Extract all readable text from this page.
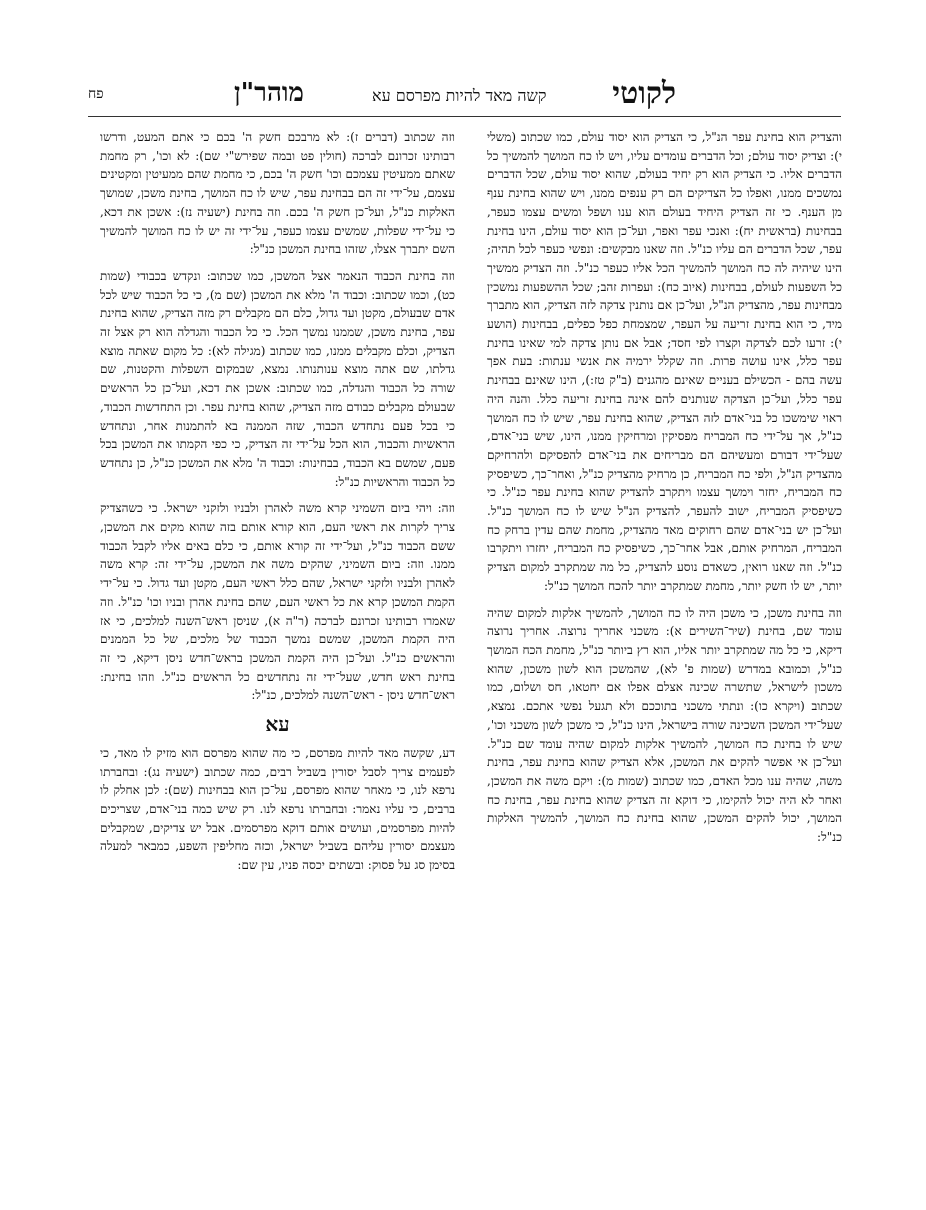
לקוטי
קשה מאד להיות מפרסם עא
מוהר"ן
פח

והצדיק הוא בחינת עפר הנ"ל, כי הצדיק הוא יסוד עולם, כמו שכתוב (משלי י): וצדיק יסוד עולם; וכל הדברים עומדים עליו, ויש לו כח המושך להמשיך כל הדברים אליו. כי הצדיק הוא רק יחיד בעולם, שהוא יסוד עולם, שכל הדברים נמשכים ממנו, ואפלו כל הצדיקים הם רק ענפים ממנו, ויש שהוא בחינת ענף מן הענף. כי זה הצדיק היחיד בעולם הוא ענו ושפל ומשים עצמו כעפר, בבחינות (בראשית יח): ואנכי עפר ואפר, ועל־כן הוא יסוד עולם, הינו בחינת עפר, שכל הדברים הם עליו כנ"ל. וזה שאנו מבקשים: ונפשי כעפר לכל תהיה; הינו שיהיה לה כח המושך להמשיך הכל אליו כעפר כנ"ל. וזה הצדיק ממשיך כל השפעות לעולם, בבחינות (איוב כח): ועפרות זהב; שכל ההשפעות נמשכין מבחינות עפר, מהצדיק הנ"ל, ועל־כן אם נותנין צדקה לזה הצדיק, הוא מתברך מיד, כי הוא בחינת זריעה על העפר, שמצמחת כפל כפלים, בבחינות (הושע י): זרעו לכם לצדקה וקצרו לפי חסד; אבל אם נותן צדקה למי שאינו בחינת עפר כלל, אינו עושה פרות. וזה שקלל ירמיה את אנשי ענתות: בעת אפך עשה בהם - הכשילם בעניים שאינם מהגנים (ב"ק טז:), הינו שאינם בבחינת עפר כלל, ועל־כן הצדקה שנותנים להם אינה בחינת זריעה כלל. והנה היה ראוי שימשכו כל בני־אדם לזה הצדיק, שהוא בחינת עפר, שיש לו כח המושך כנ"ל, אך על־ידי כח המבריח מפסיקין ומרחיקין ממנו, הינו, שיש בני־אדם, שעל־ידי דבורם ומעשיהם הם מבריחים את בני־אדם להפסיקם ולהרחיקם מהצדיק הנ"ל, ולפי כח המבריח, כן מרחיק מהצדיק כנ"ל, ואחר־כך, כשיפסיק כח המבריח, יחזר וימשך עצמו ויתקרב להצדיק שהוא בחינת עפר כנ"ל. כי כשיפסיק המבריח, ישוב להעפר, להצדיק הנ"ל שיש לו כח המושך כנ"ל. ועל־כן יש בני־אדם שהם רחוקים מאד מהצדיק, מחמת שהם עדין ברחק כח המבריח, המרחיק אותם, אבל אחר־כך, כשיפסיק כח המבריח, יחזרו ויתקרבו כנ"ל. וזה שאנו רואין, כשאדם נוסע להצדיק, כל מה שמתקרב למקום הצדיק יותר, יש לו חשק יותר, מחמת שמתקרב יותר להכח המושך כנ"ל:

וזה בחינת משכן, כי משכן היה לו כח המושך, להמשיך אלקות למקום שהיה עומד שם, בחינת (שיר־השירים א): משכני אחריך נרוצה. אחריך נרוצה דיקא, כי כל מה שמתקרב יותר אליו, הוא רץ ביותר כנ"ל, מחמת הכח המושך כנ"ל, וכמובא במדרש (שמות פ' לא), שהמשכן הוא לשון משכון, שהוא משכון לישראל, שתשרה שכינה אצלם אפלו אם יחטאו, חס ושלום, כמו שכתוב (ויקרא כו): ונתתי משכני בתוככם ולא תגעל נפשי אתכם. נמצא, שעל־ידי המשכן השכינה שורה בישראל, הינו כנ"ל, כי משכן לשון משכני וכו', שיש לו בחינת כח המושך, להמשיך אלקות למקום שהיה עומד שם כנ"ל. ועל־כן אי אפשר להקים את המשכן, אלא הצדיק שהוא בחינת עפר, בחינת משה, שהיה ענו מכל האדם, כמו שכתוב (שמות מ): ויקם משה את המשכן, ואחר לא היה יכול להקימו, כי דוקא זה הצדיק שהוא בחינת עפר, בחינת כח המושך, יכול להקים המשכן, שהוא בחינת כח המושך, להמשיך האלקות כנ"ל:

וזה שכתוב (דברים ז): לא מרבכם חשק ה' בכם כי אתם המעט, ודרשו רבותינו זכרונם לברכה (חולין פט ובמה שפירש"י שם): לא וכו', רק מחמת שאתם ממעיטין עצמכם וכו' חשק ה' בכם, כי מחמת שהם ממעיטין ומקטינים עצמם, על־ידי זה הם בבחינת עפר, שיש לו כח המושך, בחינת משכן, שמושך האלקות כנ"ל, ועל־כן חשק ה' בכם. וזה בחינת (ישעיה נז): אשכן את דכא, כי על־ידי שפלות, שמשים עצמו כעפר, על־ידי זה יש לו כח המושך להמשיך השם יתברך אצלו, שזהו בחינת המשכן כנ"ל:

וזה בחינת הכבוד הנאמר אצל המשכן, כמו שכתוב: ונקדש בכבודי (שמות כט), וכמו שכתוב: וכבוד ה' מלא את המשכן (שם מ), כי כל הכבוד שיש לכל אדם שבעולם, מקטן ועד גדול, כלם הם מקבלים רק מזה הצדיק, שהוא בחינת עפר, בחינת משכן, שממנו נמשך הכל. כי כל הכבוד והגדלה הוא רק אצל זה הצדיק, וכלם מקבלים ממנו, כמו שכתוב (מגילה לא): כל מקום שאתה מוצא גדלתו, שם אתה מוצא ענותנותו. נמצא, שבמקום השפלות והקטנות, שם שורה כל הכבוד והגדלה, כמו שכתוב: אשכן את דכא, ועל־כן כל הראשים שבעולם מקבלים כבודם מזה הצדיק, שהוא בחינת עפר. וכן התחדשות הכבוד, כי בכל פעם נתחדש הכבוד, שזה הממנה בא להתמנות אחר, ונתחדש הראשיות והכבוד, הוא הכל על־ידי זה הצדיק, כי כפי הקמתו את המשכן בכל פעם, שמשם בא הכבוד, בבחינות: וכבוד ה' מלא את המשכן כנ"ל, כן נתחדש כל הכבוד והראשיות כנ"ל:

וזה: ויהי ביום השמיני קרא משה לאהרן ולבניו ולזקני ישראל. כי כשהצדיק צריך לקרות את ראשי העם, הוא קורא אותם בזה שהוא מקים את המשכן, ששם הכבוד כנ"ל, ועל־ידי זה קורא אותם, כי כלם באים אליו לקבל הכבוד ממנו. וזה: ביום השמיני, שהקים משה את המשכן, על־ידי זה: קרא משה לאהרן ולבניו ולזקני ישראל, שהם כלל ראשי העם, מקטן ועד גדול. כי על־ידי הקמת המשכן קרא את כל ראשי העם, שהם בחינת אהרן ובניו וכו' כנ"ל. וזה שאמרו רבותינו זכרונם לברכה (ר"ה א), שניסן ראש־השנה למלכים, כי אז היה הקמת המשכן, שמשם נמשך הכבוד של מלכים, של כל הממנים והראשים כנ"ל. ועל־כן היה הקמת המשכן בראש־חדש ניסן דיקא, כי זה בחינת ראש חדש, שעל־ידי זה נתחדשים כל הראשים כנ"ל. וזהו בחינת: ראש־חדש ניסן - ראש־השנה למלכים, כנ"ל:

עא

דע, שקשה מאד להיות מפרסם, כי מה שהוא מפרסם הוא מזיק לו מאד, כי לפעמים צריך לסבל יסורין בשביל רבים, כמה שכתוב (ישעיה נג): ובחברתו נרפא לנו, כי מאחר שהוא מפרסם, על־כן הוא בבחינות (שם): לכן אחלק לו ברבים, כי עליו נאמר: ובחברתו נרפא לנו. רק שיש כמה בני־אדם, שצריכים להיות מפרסמים, ועושים אותם דוקא מפרסמים. אבל יש צדיקים, שמקבלים מעצמם יסורין עליהם בשביל ישראל, וכזה מחליפין השפע, כמבאר למעלה בסימן סג על פסוק: ובשתים יכסה פניו, עין שם:
